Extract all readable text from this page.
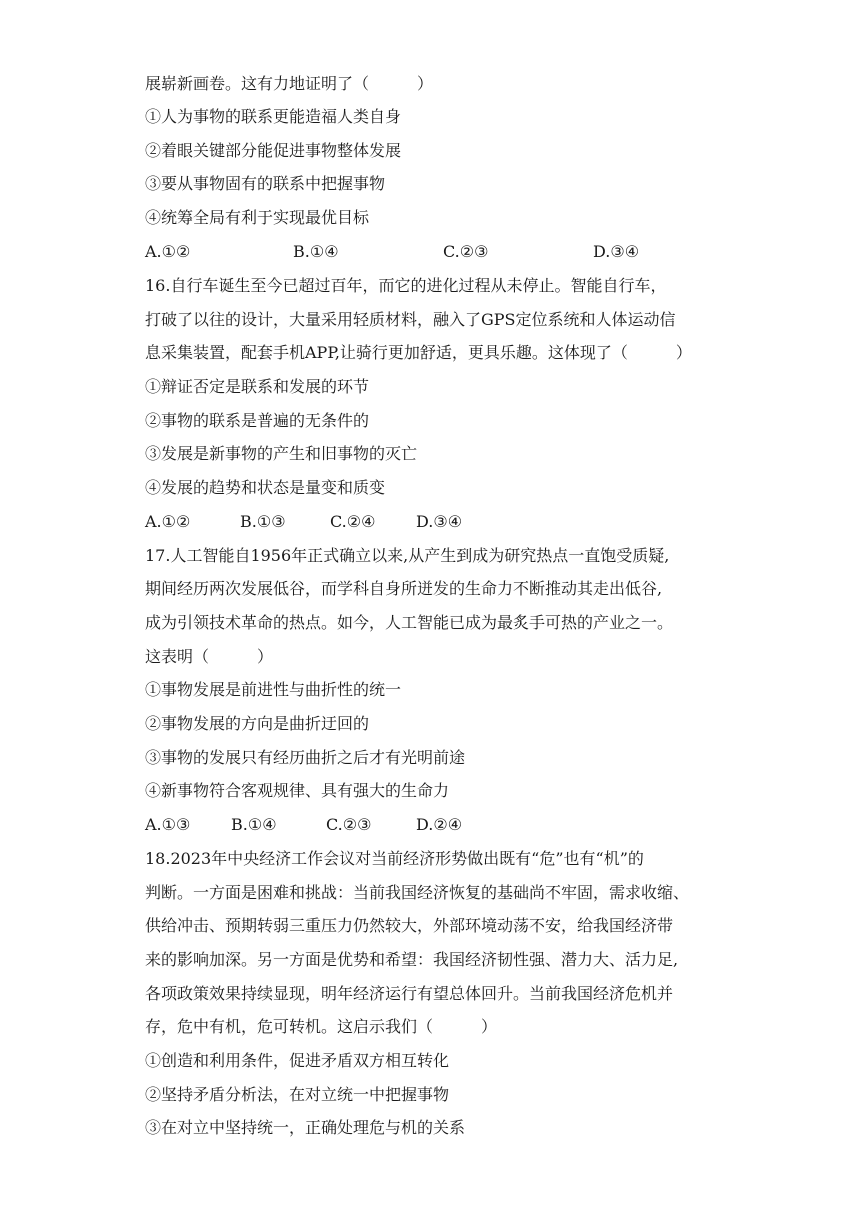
展崭新画卷。这有力地证明了（　　　）
①人为事物的联系更能造福人类自身
②着眼关键部分能促进事物整体发展
③要从事物固有的联系中把握事物
④统筹全局有利于实现最优目标
A.①②	B.①④	C.②③	D.③④
16.自行车诞生至今已超过百年，而它的进化过程从未停止。智能自行车，
打破了以往的设计，大量采用轻质材料，融入了GPS定位系统和人体运动信
息采集装置，配套手机APP,让骑行更加舒适，更具乐趣。这体现了（　　　）
①辩证否定是联系和发展的环节
②事物的联系是普遍的无条件的
③发展是新事物的产生和旧事物的灭亡
④发展的趋势和状态是量变和质变
A.①②	B.①③	C.②④	D.③④
17.人工智能自1956年正式确立以来,从产生到成为研究热点一直饱受质疑,
期间经历两次发展低谷，而学科自身所迸发的生命力不断推动其走出低谷,
成为引领技术革命的热点。如今，人工智能已成为最炙手可热的产业之一。
这表明（　　　）
①事物发展是前进性与曲折性的统一
②事物发展的方向是曲折迂回的
③事物的发展只有经历曲折之后才有光明前途
④新事物符合客观规律、具有强大的生命力
A.①③	B.①④	C.②③	D.②④
18.2023年中央经济工作会议对当前经济形势做出既有“危”也有“机”的
判断。一方面是困难和挑战：当前我国经济恢复的基础尚不牢固，需求收缩、
供给冲击、预期转弱三重压力仍然较大，外部环境动荡不安，给我国经济带
来的影响加深。另一方面是优势和希望：我国经济韧性强、潜力大、活力足,
各项政策效果持续显现，明年经济运行有望总体回升。当前我国经济危机并
存，危中有机，危可转机。这启示我们（　　　）
①创造和利用条件，促进矛盾双方相互转化
②坚持矛盾分析法，在对立统一中把握事物
③在对立中坚持统一，正确处理危与机的关系
